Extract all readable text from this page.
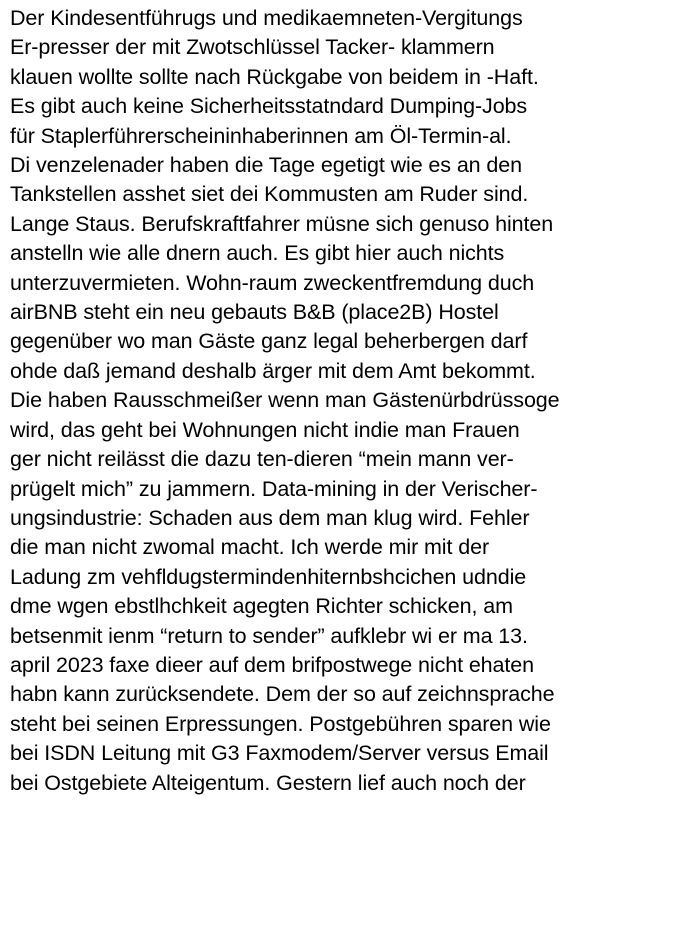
Der Kindesentführugs und medikaemneten-Vergitungs
Er-presser der mit Zwotschlüssel Tacker- klammern
klauen wollte sollte nach Rückgabe von beidem in -Haft.
Es gibt auch keine Sicherheitsstatndard Dumping-Jobs
für Staplerführerscheininhaberinnen am Öl-Termin-al.
Di venzelenader haben die Tage egetigt wie es an den
Tankstellen asshet siet dei Kommusten am Ruder sind.
Lange Staus. Berufskraftfahrer müsne sich genuso hinten
anstelln wie alle dnern auch. Es gibt hier auch nichts
unterzuvermieten. Wohn-raum zweckentfremdung duch
airBNB steht ein neu gebauts B&B (place2B) Hostel
gegenüber wo man Gäste ganz legal beherbergen darf
ohde daß jemand deshalb ärger mit dem Amt bekommt.
Die haben Rausschmeißer wenn man Gästenürbdrüssoge
wird, das geht bei Wohnungen nicht indie man Frauen
ger nicht reilässt die dazu ten-dieren “mein mann ver-
prügelt mich” zu jammern. Data-mining in der Verischer-
ungsindustrie: Schaden aus dem man klug wird. Fehler
die man nicht zwomal macht. Ich werde mir mit der
Ladung zm vehfldugstermindenhiternbshcichen udndie
dme wgen ebstlhchkeit agegten Richter schicken, am
betsenmit ienm “return to sender” aufklebr wi er ma 13.
april 2023 faxe dieer auf dem brifpostwege nicht ehaten
habn kann zurücksendete. Dem der so auf zeichnsprache
steht bei seinen Erpressungen. Postgebühren sparen wie
bei ISDN Leitung mit G3 Faxmodem/Server versus Email
bei Ostgebiete Alteigentum. Gestern lief auch noch der
